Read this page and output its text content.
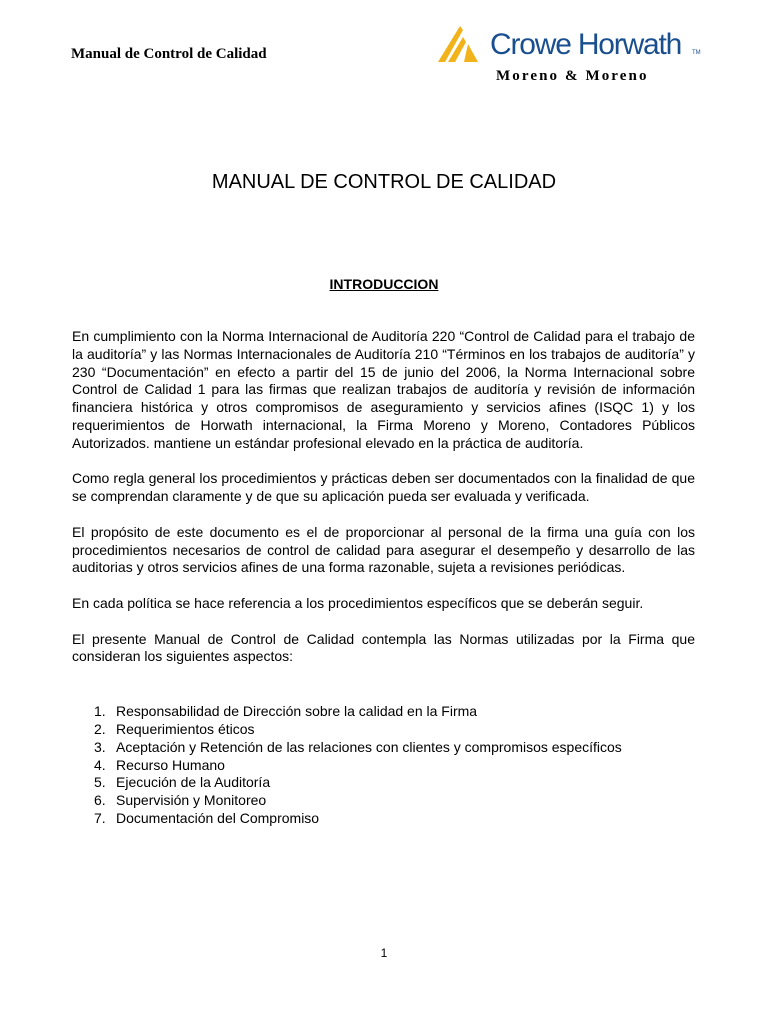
Manual de Control de Calidad	Crowe Horwath TM
Moreno & Moreno
MANUAL DE CONTROL DE CALIDAD
INTRODUCCION

En cumplimiento con la Norma Internacional de Auditoría 220 “Control de Calidad para el trabajo de la auditoría” y las Normas Internacionales de Auditoría 210 “Términos en los trabajos de auditoría” y 230 “Documentación” en efecto a partir del 15 de junio del 2006, la Norma Internacional sobre Control de Calidad 1 para las firmas que realizan trabajos de auditoría y revisión de información financiera histórica y otros compromisos de aseguramiento y servicios afines (ISQC 1) y los requerimientos de Horwath internacional, la Firma Moreno y Moreno, Contadores Públicos Autorizados. mantiene un estándar profesional elevado en la práctica de auditoría.

Como regla general los procedimientos y prácticas deben ser documentados con la finalidad de que se comprendan claramente y de que su aplicación pueda ser evaluada y verificada.

El propósito de este documento es el de proporcionar al personal de la firma una guía con los procedimientos necesarios de control de calidad para asegurar el desempeño y desarrollo de las auditorias y otros servicios afines de una forma razonable, sujeta a revisiones periódicas.

En cada política se hace referencia a los procedimientos específicos que se deberán seguir.

El presente Manual de Control de Calidad contempla las Normas utilizadas por la Firma que consideran los siguientes aspectos:

1. Responsabilidad de Dirección sobre la calidad en la Firma
2. Requerimientos éticos
3. Aceptación y Retención de las relaciones con clientes y compromisos específicos
4. Recurso Humano
5. Ejecución de la Auditoría
6. Supervisión y Monitoreo
7. Documentación del Compromiso
1
